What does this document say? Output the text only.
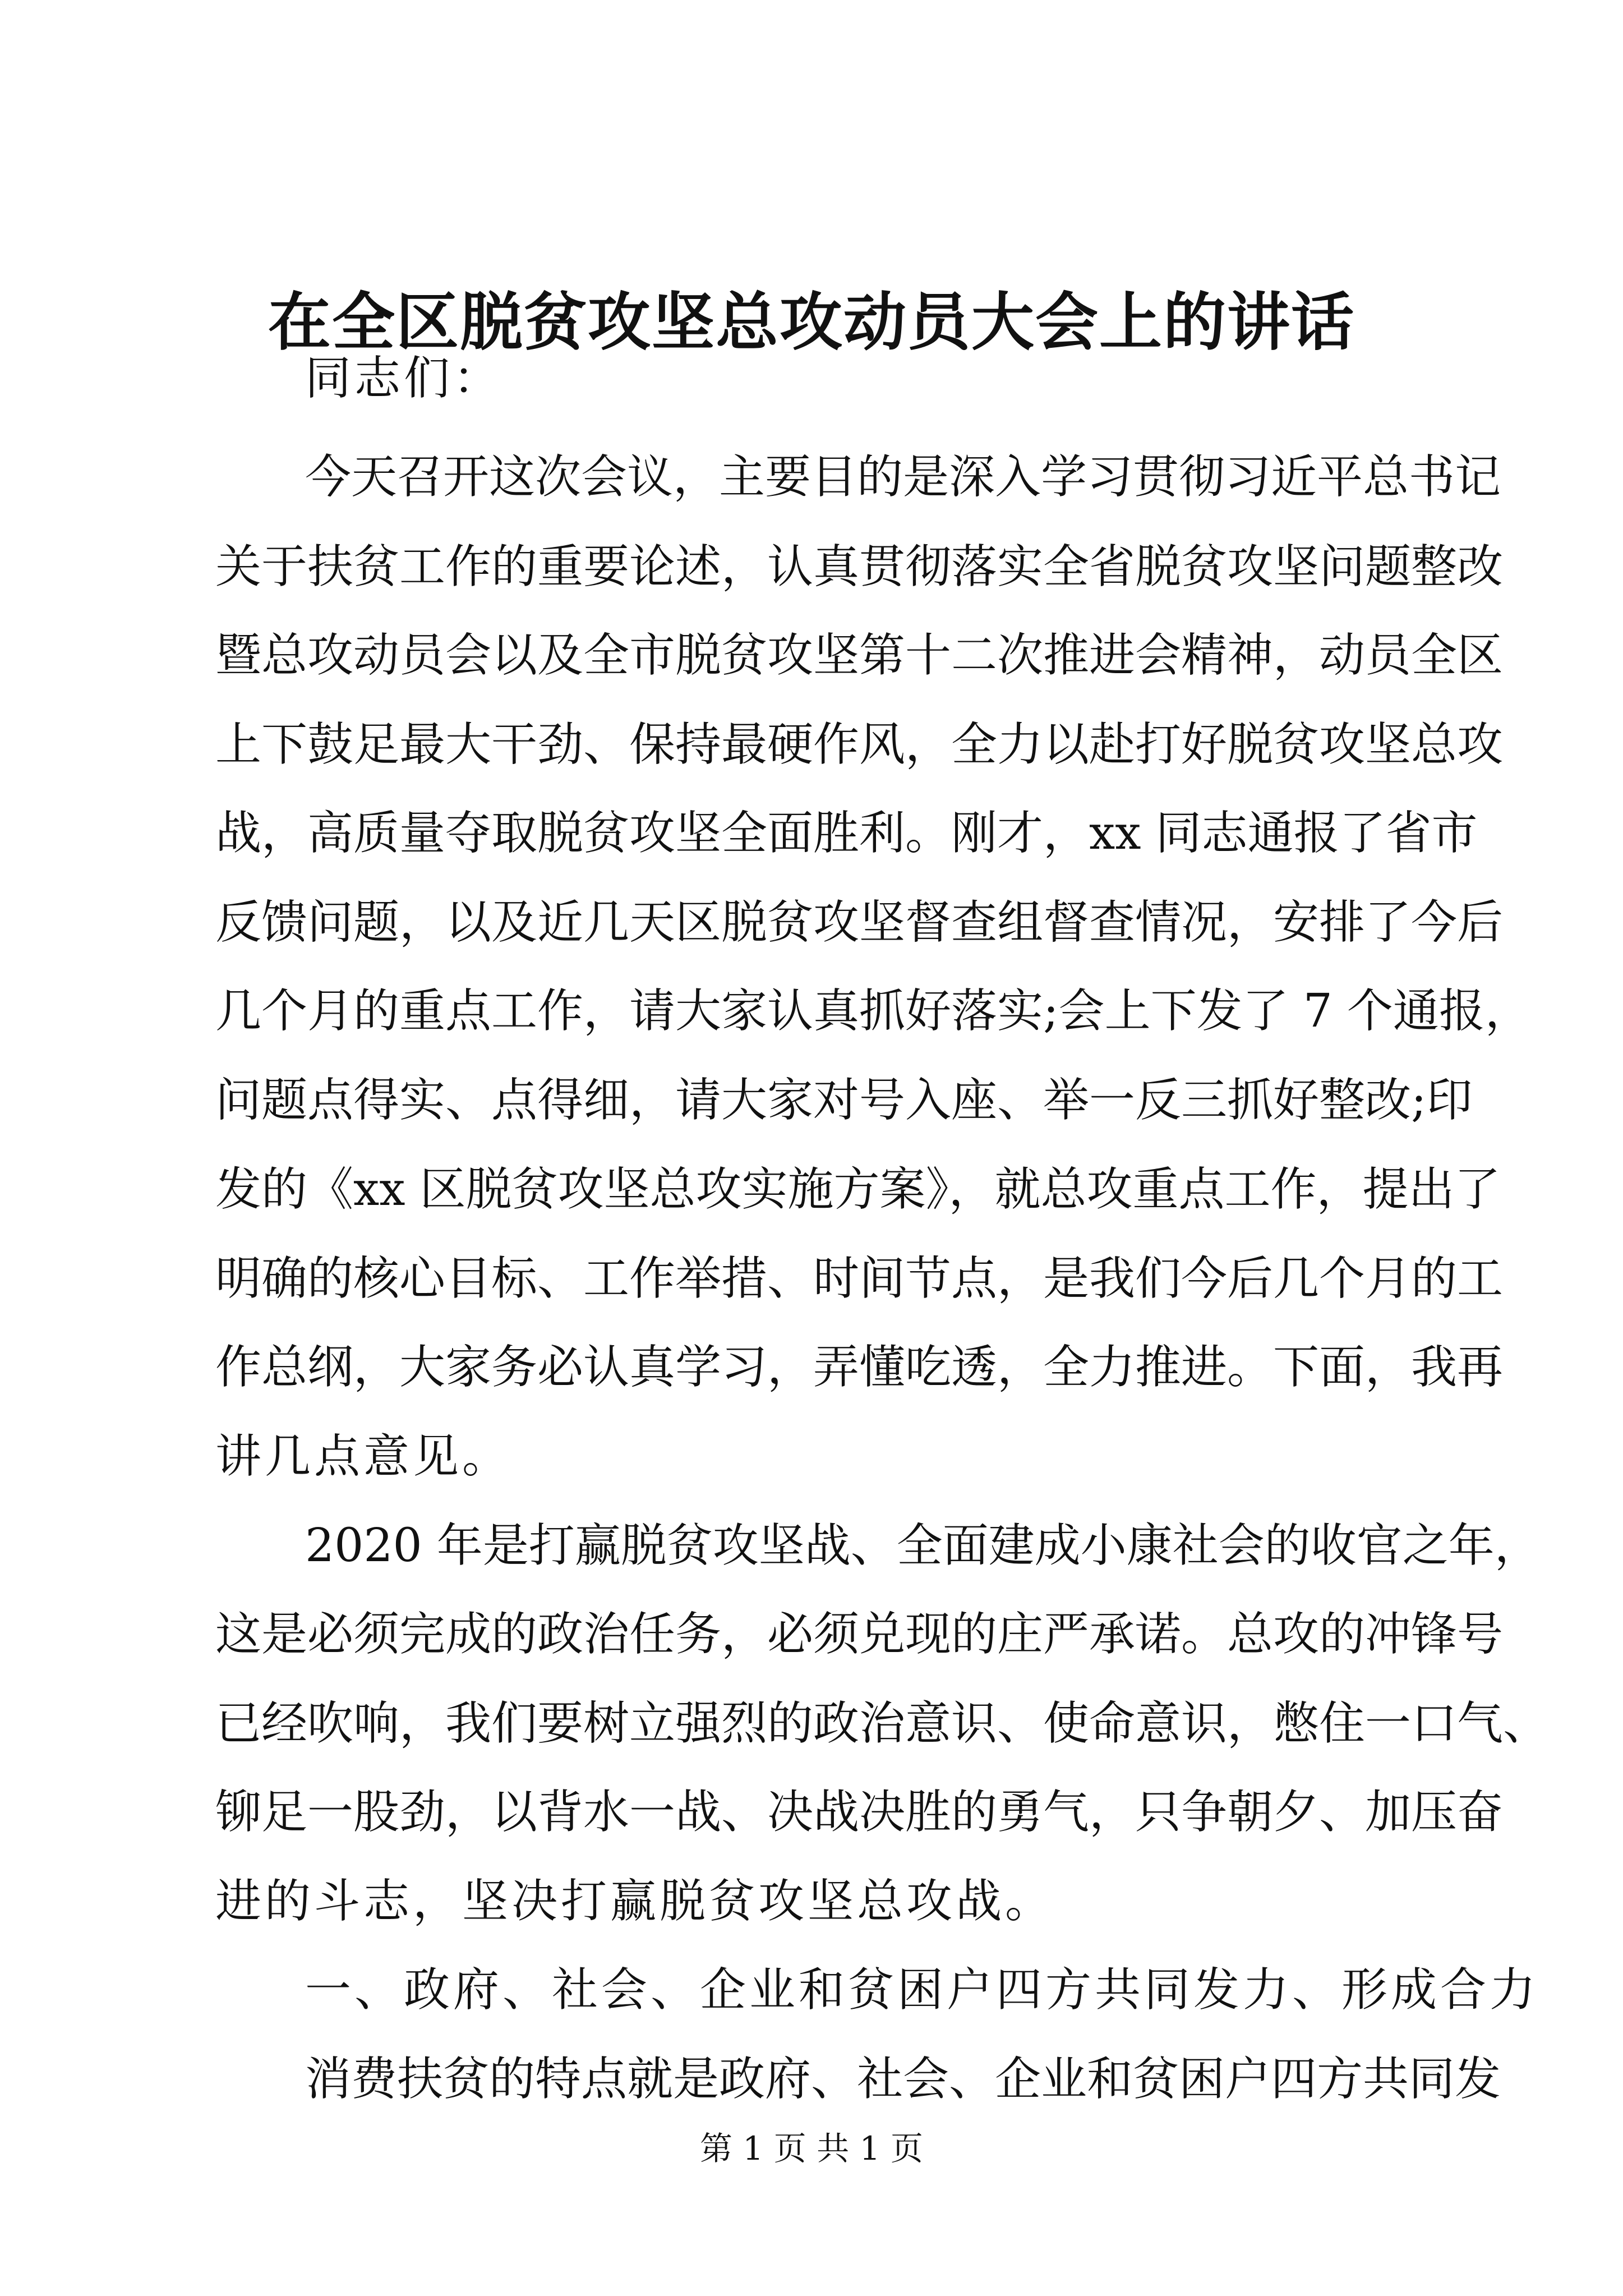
在全区脱贫攻坚总攻动员大会上的讲话
同志们：
今天召开这次会议，主要目的是深入学习贯彻习近平总书记
关于扶贫工作的重要论述，认真贯彻落实全省脱贫攻坚问题整改
暨总攻动员会以及全市脱贫攻坚第十二次推进会精神，动员全区
上下鼓足最大干劲、保持最硬作风，全力以赴打好脱贫攻坚总攻
战，高质量夺取脱贫攻坚全面胜利。刚才，xx 同志通报了省市
反馈问题，以及近几天区脱贫攻坚督查组督查情况，安排了今后
几个月的重点工作，请大家认真抓好落实;会上下发了 7 个通报，
问题点得实、点得细，请大家对号入座、举一反三抓好整改;印
发的《xx 区脱贫攻坚总攻实施方案》，就总攻重点工作，提出了
明确的核心目标、工作举措、时间节点，是我们今后几个月的工
作总纲，大家务必认真学习，弄懂吃透，全力推进。下面，我再
讲几点意见。
2020 年是打赢脱贫攻坚战、全面建成小康社会的收官之年，
这是必须完成的政治任务，必须兑现的庄严承诺。总攻的冲锋号
已经吹响，我们要树立强烈的政治意识、使命意识，憋住一口气、
铆足一股劲，以背水一战、决战决胜的勇气，只争朝夕、加压奋
进的斗志，坚决打赢脱贫攻坚总攻战。
一、政府、社会、企业和贫困户四方共同发力、形成合力
消费扶贫的特点就是政府、社会、企业和贫困户四方共同发
第 1 页 共 1 页
